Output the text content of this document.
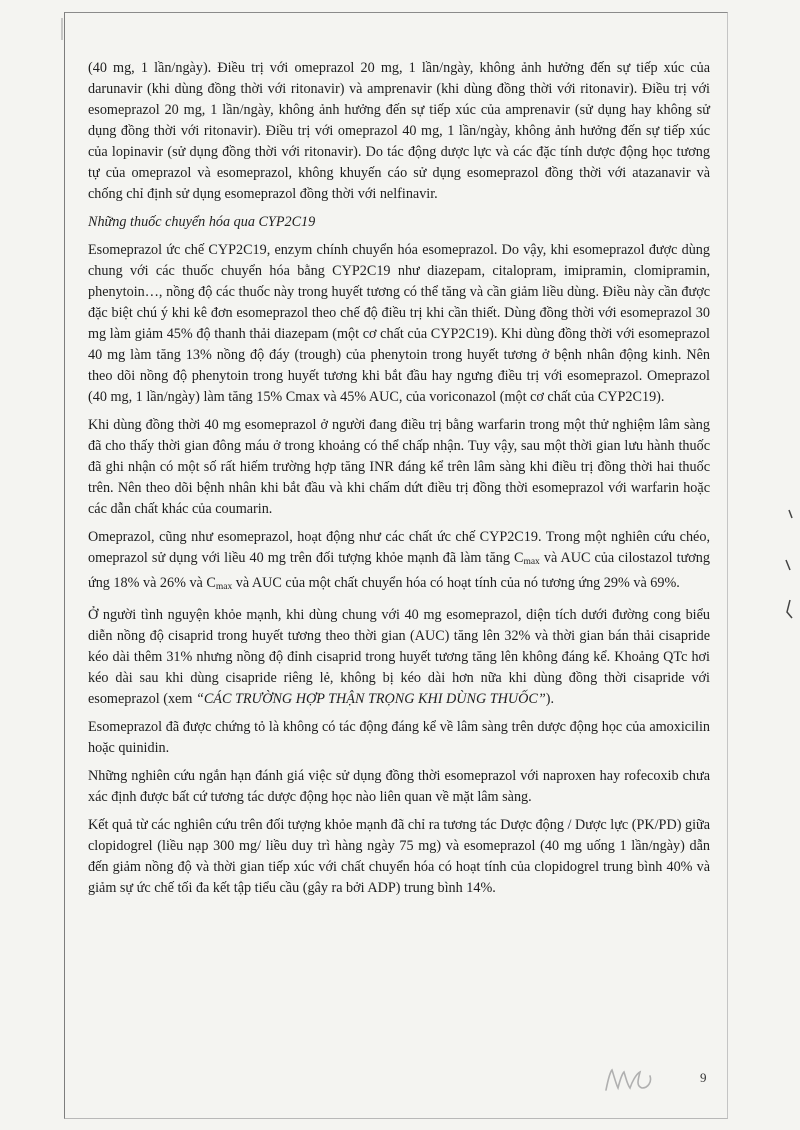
(40 mg, 1 lần/ngày). Điều trị với omeprazol 20 mg, 1 lần/ngày, không ảnh hưởng đến sự tiếp xúc của darunavir (khi dùng đồng thời với ritonavir) và amprenavir (khi dùng đồng thời với ritonavir). Điều trị với esomeprazol 20 mg, 1 lần/ngày, không ảnh hưởng đến sự tiếp xúc của amprenavir (sử dụng hay không sử dụng đồng thời với ritonavir). Điều trị với omeprazol 40 mg, 1 lần/ngày, không ảnh hưởng đến sự tiếp xúc của lopinavir (sử dụng đồng thời với ritonavir). Do tác động dược lực và các đặc tính dược động học tương tự của omeprazol và esomeprazol, không khuyến cáo sử dụng esomeprazol đồng thời với atazanavir và chống chỉ định sử dụng esomeprazol đồng thời với nelfinavir.

Những thuốc chuyển hóa qua CYP2C19

Esomeprazol ức chế CYP2C19, enzym chính chuyển hóa esomeprazol. Do vậy, khi esomeprazol được dùng chung với các thuốc chuyển hóa bằng CYP2C19 như diazepam, citalopram, imipramin, clomipramin, phenytoin…, nồng độ các thuốc này trong huyết tương có thể tăng và cần giảm liều dùng. Điều này cần được đặc biệt chú ý khi kê đơn esomeprazol theo chế độ điều trị khi cần thiết. Dùng đồng thời với esomeprazol 30 mg làm giảm 45% độ thanh thải diazepam (một cơ chất của CYP2C19). Khi dùng đồng thời với esomeprazol 40 mg làm tăng 13% nồng độ đáy (trough) của phenytoin trong huyết tương ở bệnh nhân động kinh. Nên theo dõi nồng độ phenytoin trong huyết tương khi bắt đầu hay ngưng điều trị với esomeprazol. Omeprazol (40 mg, 1 lần/ngày) làm tăng 15% Cmax và 45% AUC, của voriconazol (một cơ chất của CYP2C19).

Khi dùng đồng thời 40 mg esomeprazol ở người đang điều trị bằng warfarin trong một thử nghiệm lâm sàng đã cho thấy thời gian đông máu ở trong khoảng có thể chấp nhận. Tuy vậy, sau một thời gian lưu hành thuốc đã ghi nhận có một số rất hiếm trường hợp tăng INR đáng kể trên lâm sàng khi điều trị đồng thời hai thuốc trên. Nên theo dõi bệnh nhân khi bắt đầu và khi chấm dứt điều trị đồng thời esomeprazol với warfarin hoặc các dẫn chất khác của coumarin.

Omeprazol, cũng như esomeprazol, hoạt động như các chất ức chế CYP2C19. Trong một nghiên cứu chéo, omeprazol sử dụng với liều 40 mg trên đối tượng khỏe mạnh đã làm tăng $C_{max}$ và AUC của cilostazol tương ứng 18% và 26% và $C_{max}$ và AUC của một chất chuyển hóa có hoạt tính của nó tương ứng 29% và 69%.

Ở người tình nguyện khỏe mạnh, khi dùng chung với 40 mg esomeprazol, diện tích dưới đường cong biểu diễn nồng độ cisaprid trong huyết tương theo thời gian (AUC) tăng lên 32% và thời gian bán thải cisapride kéo dài thêm 31% nhưng nồng độ đỉnh cisaprid trong huyết tương tăng lên không đáng kể. Khoảng QTc hơi kéo dài sau khi dùng cisapride riêng lẻ, không bị kéo dài hơn nữa khi dùng đồng thời cisapride với esomeprazol (xem “CÁC TRƯỜNG HỢP THẬN TRỌNG KHI DÙNG THUỐC”).

Esomeprazol đã được chứng tỏ là không có tác động đáng kể về lâm sàng trên dược động học của amoxicilin hoặc quinidin.

Những nghiên cứu ngắn hạn đánh giá việc sử dụng đồng thời esomeprazol với naproxen hay rofecoxib chưa xác định được bất cứ tương tác dược động học nào liên quan về mặt lâm sàng.

Kết quả từ các nghiên cứu trên đối tượng khỏe mạnh đã chỉ ra tương tác Dược động / Dược lực (PK/PD) giữa clopidogrel (liều nạp 300 mg/ liều duy trì hàng ngày 75 mg) và esomeprazol (40 mg uống 1 lần/ngày) dẫn đến giảm nồng độ và thời gian tiếp xúc với chất chuyển hóa có hoạt tính của clopidogrel trung bình 40% và giảm sự ức chế tối đa kết tập tiểu cầu (gây ra bởi ADP) trung bình 14%.

9
